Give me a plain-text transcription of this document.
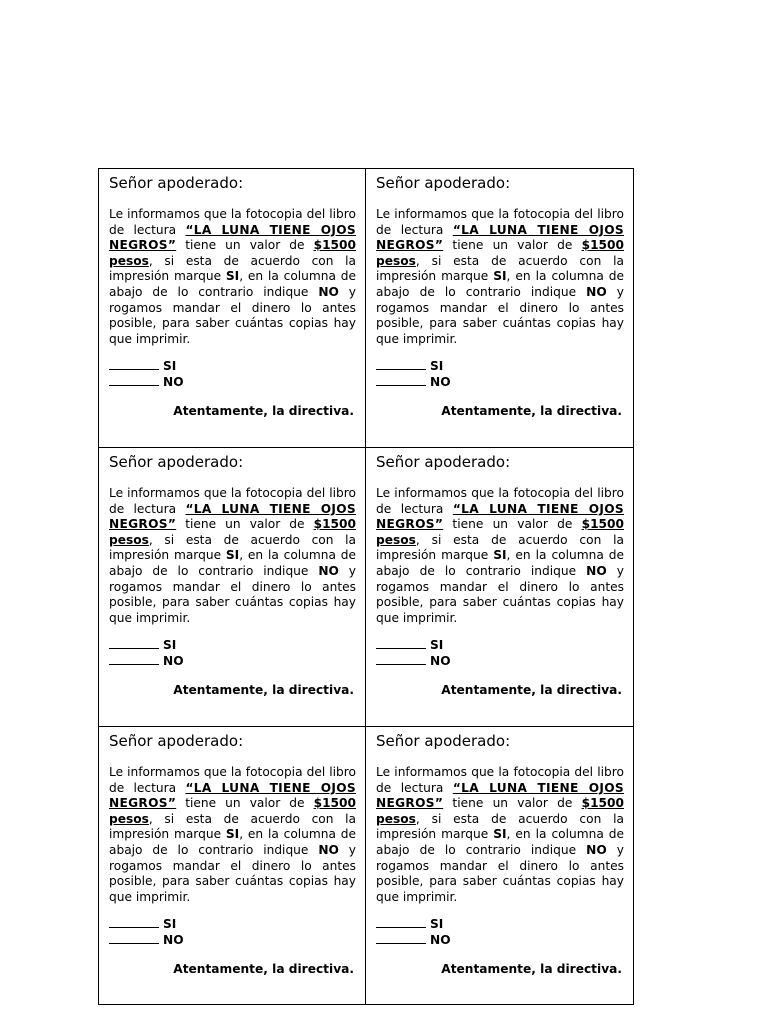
Señor apoderado:

Le informamos que la fotocopia del libro de lectura “LA LUNA TIENE OJOS NEGROS” tiene un valor de $1500 pesos, si esta de acuerdo con la impresión marque SI, en la columna de abajo de lo contrario indique NO y rogamos mandar el dinero lo antes posible, para saber cuántas copias hay que imprimir.

SI
NO
Atentamente, la directiva.
Señor apoderado:

Le informamos que la fotocopia del libro de lectura “LA LUNA TIENE OJOS NEGROS” tiene un valor de $1500 pesos, si esta de acuerdo con la impresión marque SI, en la columna de abajo de lo contrario indique NO y rogamos mandar el dinero lo antes posible, para saber cuántas copias hay que imprimir.

SI
NO
Atentamente, la directiva.
Señor apoderado:

Le informamos que la fotocopia del libro de lectura “LA LUNA TIENE OJOS NEGROS” tiene un valor de $1500 pesos, si esta de acuerdo con la impresión marque SI, en la columna de abajo de lo contrario indique NO y rogamos mandar el dinero lo antes posible, para saber cuántas copias hay que imprimir.

SI
NO
Atentamente, la directiva.
Señor apoderado:

Le informamos que la fotocopia del libro de lectura “LA LUNA TIENE OJOS NEGROS” tiene un valor de $1500 pesos, si esta de acuerdo con la impresión marque SI, en la columna de abajo de lo contrario indique NO y rogamos mandar el dinero lo antes posible, para saber cuántas copias hay que imprimir.

SI
NO
Atentamente, la directiva.
Señor apoderado:

Le informamos que la fotocopia del libro de lectura “LA LUNA TIENE OJOS NEGROS” tiene un valor de $1500 pesos, si esta de acuerdo con la impresión marque SI, en la columna de abajo de lo contrario indique NO y rogamos mandar el dinero lo antes posible, para saber cuántas copias hay que imprimir.

SI
NO
Atentamente, la directiva.
Señor apoderado:

Le informamos que la fotocopia del libro de lectura “LA LUNA TIENE OJOS NEGROS” tiene un valor de $1500 pesos, si esta de acuerdo con la impresión marque SI, en la columna de abajo de lo contrario indique NO y rogamos mandar el dinero lo antes posible, para saber cuántas copias hay que imprimir.

SI
NO
Atentamente, la directiva.
